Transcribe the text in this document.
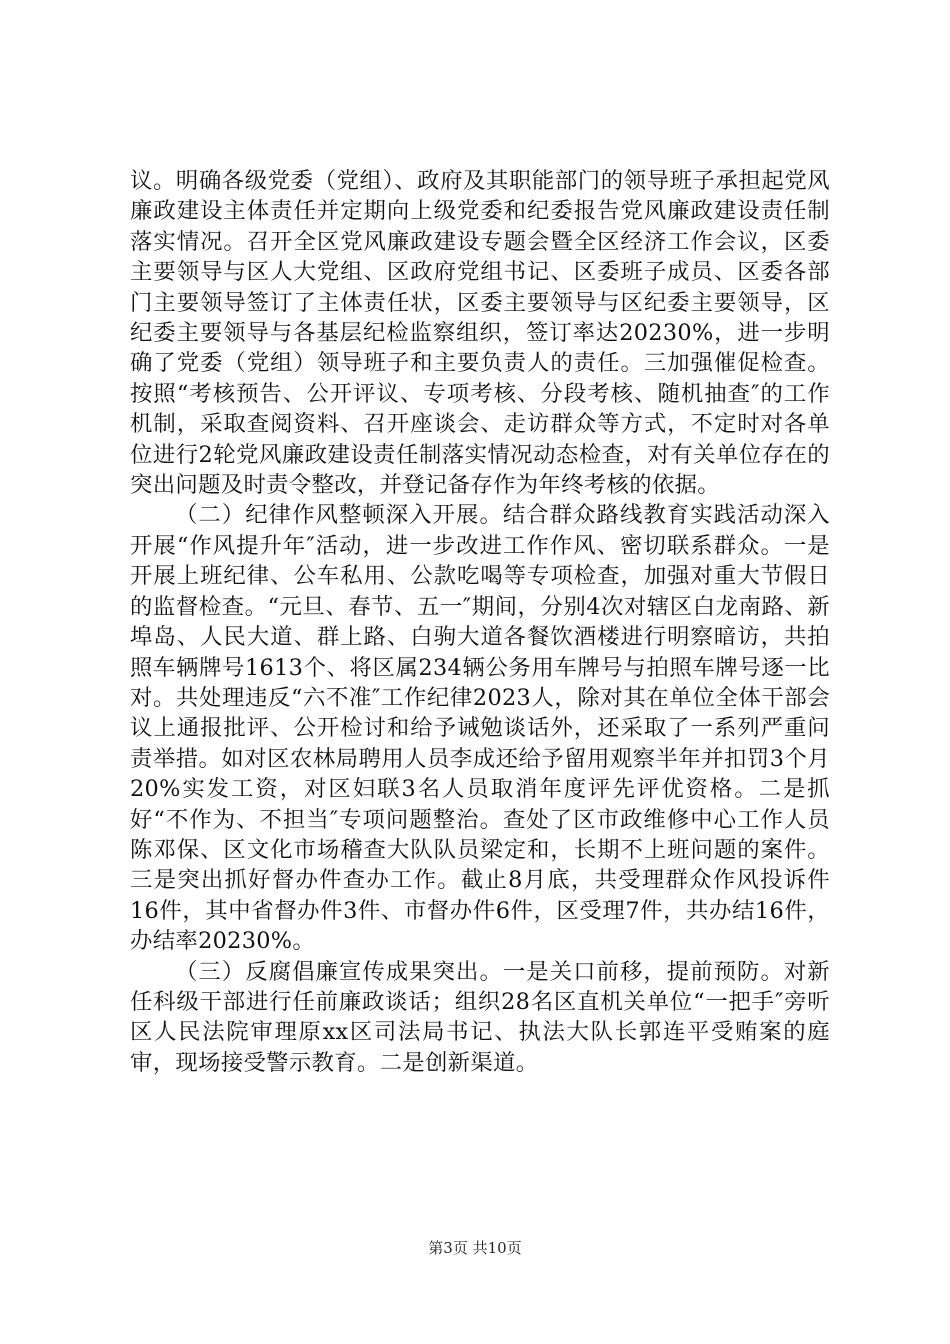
议。明确各级党委（党组）、政府及其职能部门的领导班子承担起党风廉政建设主体责任并定期向上级党委和纪委报告党风廉政建设责任制落实情况。召开全区党风廉政建设专题会暨全区经济工作会议，区委主要领导与区人大党组、区政府党组书记、区委班子成员、区委各部门主要领导签订了主体责任状，区委主要领导与区纪委主要领导，区纪委主要领导与各基层纪检监察组织，签订率达20230%，进一步明确了党委（党组）领导班子和主要负责人的责任。三加强催促检查。按照“考核预告、公开评议、专项考核、分段考核、随机抽查″的工作机制，采取查阅资料、召开座谈会、走访群众等方式，不定时对各单位进行2轮党风廉政建设责任制落实情况动态检查，对有关单位存在的突出问题及时责令整改，并登记备存作为年终考核的依据。

（二）纪律作风整顿深入开展。结合群众路线教育实践活动深入开展“作风提升年″活动，进一步改进工作作风、密切联系群众。一是开展上班纪律、公车私用、公款吃喝等专项检查，加强对重大节假日的监督检查。“元旦、春节、五一″期间，分别4次对辖区白龙南路、新埠岛、人民大道、群上路、白驹大道各餐饮酒楼进行明察暗访，共拍照车辆牌号1613个、将区属234辆公务用车牌号与拍照车牌号逐一比对。共处理违反“六不准″工作纪律2023人，除对其在单位全体干部会议上通报批评、公开检讨和给予诫勉谈话外，还采取了一系列严重问责举措。如对区农林局聘用人员李成还给予留用观察半年并扣罚3个月20%实发工资，对区妇联3名人员取消年度评先评优资格。二是抓好“不作为、不担当″专项问题整治。查处了区市政维修中心工作人员陈邓保、区文化市场稽查大队队员梁定和，长期不上班问题的案件。三是突出抓好督办件查办工作。截止8月底，共受理群众作风投诉件16件，其中省督办件3件、市督办件6件，区受理7件，共办结16件，办结率20230%。

（三）反腐倡廉宣传成果突出。一是关口前移，提前预防。对新任科级干部进行任前廉政谈话；组织28名区直机关单位“一把手″旁听区人民法院审理原xx区司法局书记、执法大队长郭连平受贿案的庭审，现场接受警示教育。二是创新渠道。

第3页 共10页
